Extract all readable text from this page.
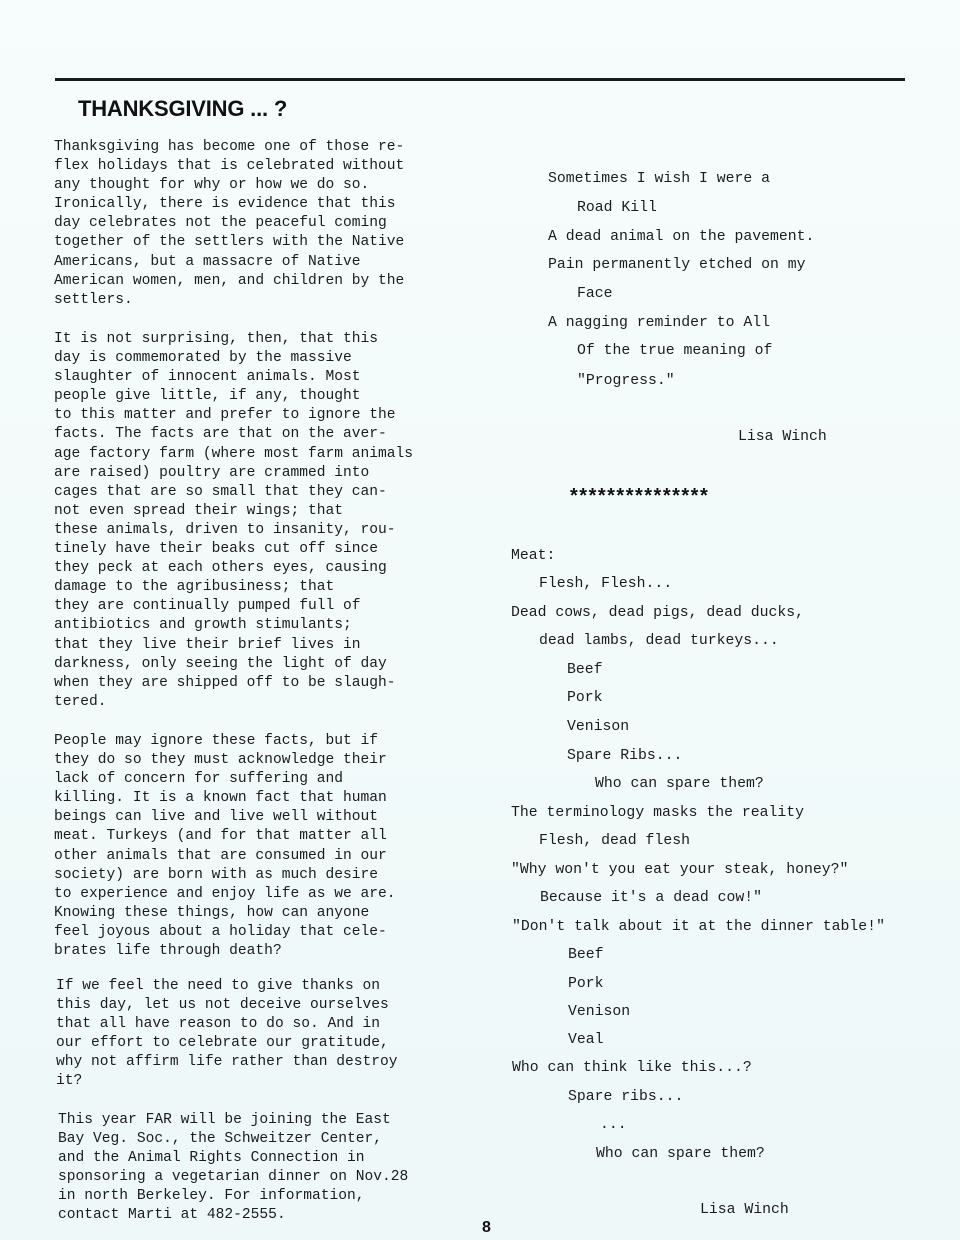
THANKSGIVING ... ?
Thanksgiving has become one of those re-
flex holidays that is celebrated without
any thought for why or how we do so.
Ironically, there is evidence that this
day celebrates not the peaceful coming
together of the settlers with the Native
Americans, but a massacre of Native
American women, men, and children by the
settlers.
It is not surprising, then, that this
day is commemorated by the massive
slaughter of innocent animals. Most
people give little, if any, thought
to this matter and prefer to ignore the
facts. The facts are that on the aver-
age factory farm (where most farm animals
are raised) poultry are crammed into
cages that are so small that they can-
not even spread their wings; that
these animals, driven to insanity, rou-
tinely have their beaks cut off since
they peck at each others eyes, causing
damage to the agribusiness; that
they are continually pumped full of
antibiotics and growth stimulants;
that they live their brief lives in
darkness, only seeing the light of day
when they are shipped off to be slaugh-
tered.
People may ignore these facts, but if
they do so they must acknowledge their
lack of concern for suffering and
killing. It is a known fact that human
beings can live and live well without
meat. Turkeys (and for that matter all
other animals that are consumed in our
society) are born with as much desire
to experience and enjoy life as we are.
Knowing these things, how can anyone
feel joyous about a holiday that cele-
brates life through death?
If we feel the need to give thanks on
this day, let us not deceive ourselves
that all have reason to do so. And in
our effort to celebrate our gratitude,
why not affirm life rather than destroy
it?
This year FAR will be joining the East
Bay Veg. Soc., the Schweitzer Center,
and the Animal Rights Connection in
sponsoring a vegetarian dinner on Nov.28
in north Berkeley. For information,
contact Marti at 482-2555.
Sometimes I wish I were a
Road Kill
A dead animal on the pavement.
Pain permanently etched on my
Face
A nagging reminder to All
Of the true meaning of
"Progress."
Lisa Winch
***************
Meat:
Flesh, Flesh...
Dead cows, dead pigs, dead ducks,
dead lambs, dead turkeys...
Beef
Pork
Venison
Spare Ribs...
Who can spare them?
The terminology masks the reality
Flesh, dead flesh
"Why won't you eat your steak, honey?"
Because it's a dead cow!"
"Don't talk about it at the dinner table!"
Beef
Pork
Venison
Veal
Who can think like this...?
Spare ribs...
...
Who can spare them?
Lisa Winch
8
